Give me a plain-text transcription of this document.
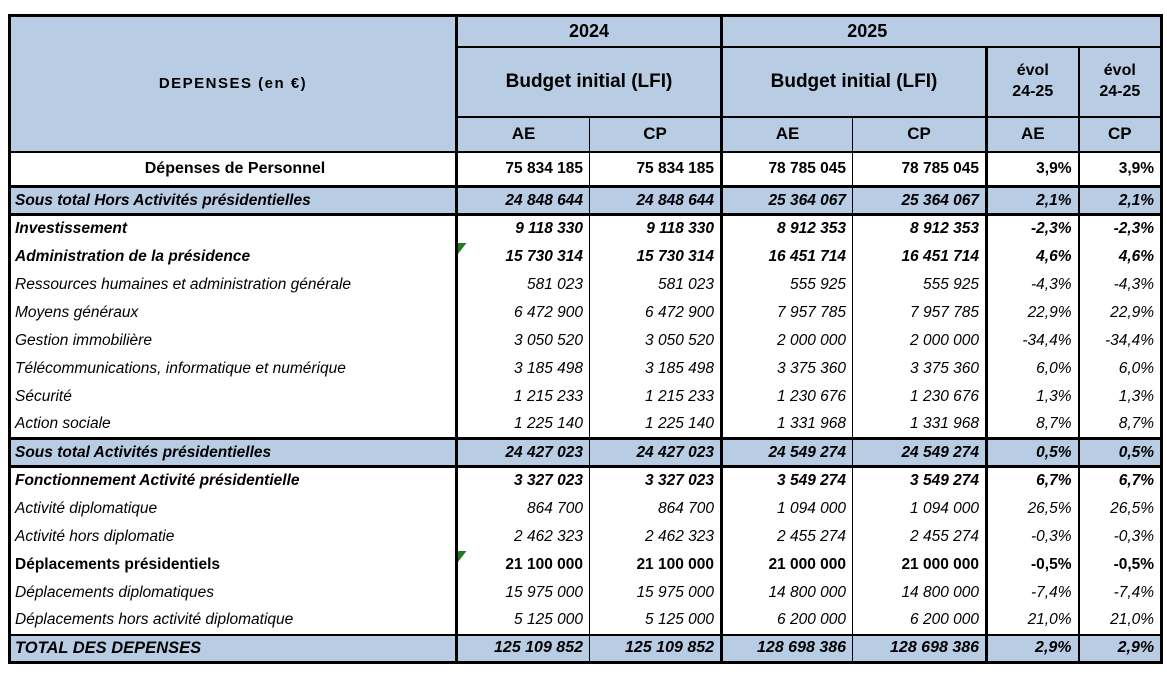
DEPENSES (en €)	2024		2025			

	Budget initial (LFI)		Budget initial (LFI)		évol
24-25	évol
24-25
	AE	CP	AE	CP	AE	CP
Dépenses de Personnel	75 834 185	75 834 185	78 785 045	78 785 045	3,9%	3,9%
Sous total Hors Activités présidentielles	24 848 644	24 848 644	25 364 067	25 364 067	2,1%	2,1%
Investissement	9 118 330	9 118 330	8 912 353	8 912 353	-2,3%	-2,3%
Administration de la présidence	15 730 314	15 730 314	16 451 714	16 451 714	4,6%	4,6%
Ressources humaines et administration générale	581 023	581 023	555 925	555 925	-4,3%	-4,3%
Moyens généraux	6 472 900	6 472 900	7 957 785	7 957 785	22,9%	22,9%
Gestion immobilière	3 050 520	3 050 520	2 000 000	2 000 000	-34,4%	-34,4%
Télécommunications, informatique et numérique	3 185 498	3 185 498	3 375 360	3 375 360	6,0%	6,0%
Sécurité	1 215 233	1 215 233	1 230 676	1 230 676	1,3%	1,3%
Action sociale	1 225 140	1 225 140	1 331 968	1 331 968	8,7%	8,7%
Sous total Activités présidentielles	24 427 023	24 427 023	24 549 274	24 549 274	0,5%	0,5%
Fonctionnement Activité présidentielle	3 327 023	3 327 023	3 549 274	3 549 274	6,7%	6,7%
Activité diplomatique	864 700	864 700	1 094 000	1 094 000	26,5%	26,5%
Activité hors diplomatie	2 462 323	2 462 323	2 455 274	2 455 274	-0,3%	-0,3%
Déplacements présidentiels	21 100 000	21 100 000	21 000 000	21 000 000	-0,5%	-0,5%
Déplacements diplomatiques	15 975 000	15 975 000	14 800 000	14 800 000	-7,4%	-7,4%
Déplacements hors activité diplomatique	5 125 000	5 125 000	6 200 000	6 200 000	21,0%	21,0%
TOTAL DES DEPENSES	125 109 852	125 109 852	128 698 386	128 698 386	2,9%	2,9%
